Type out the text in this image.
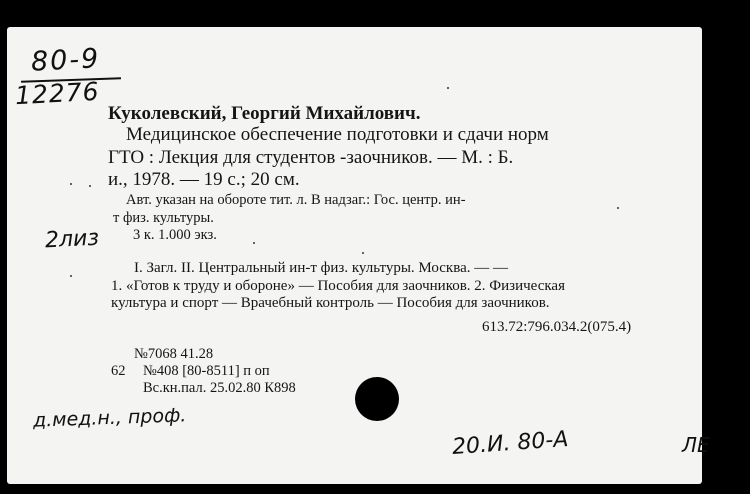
80-9
12276
Куколевский, Георгий Михайлович.
Медицинское обеспечение подготовки и сдачи норм
ГТО : Лекция для студентов -заочников. — М. : Б.
и., 1978. — 19 с.; 20 см.
Авт. указан на обороте тит. л. В надзаг.: Гос. центр. ин-
т физ. культуры.
2лиз 3 к. 1.000 экз.
I. Загл. II. Центральный ин-т физ. культуры. Москва. — —
1. «Готов к труду и обороне» — Пособия для заочников. 2. Физическая
культура и спорт — Врачебный контроль — Пособия для заочников.
613.72:796.034.2(075.4)
№7068 41.28
62 №408 [80-8511] п оп
Вс.кн.пал. 25.02.80 К898
д.мед.н., проф.
20.И. 80-А	ЛЕ
